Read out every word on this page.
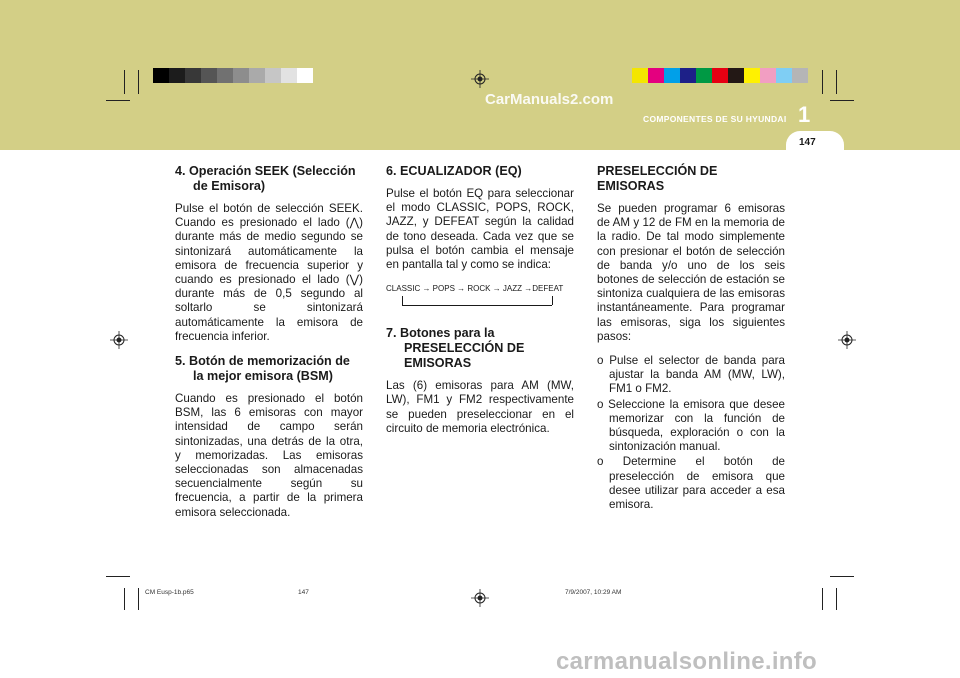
CarManuals2.com
COMPONENTES DE SU HYUNDAI 1
147
4. Operación SEEK (Selección de Emisora)

Pulse el botón de selección SEEK. Cuando es presionado el lado (⋀) durante más de medio segundo se sintonizará automáticamente la emisora de frecuencia superior y cuando es presionado el lado (⋁) durante más de 0,5 segundo al soltarlo se sintonizará automáticamente la emisora de frecuencia inferior.

5. Botón de memorización de la mejor emisora (BSM)

Cuando es presionado el botón BSM, las 6 emisoras con mayor intensidad de campo serán sintonizadas, una detrás de la otra, y memorizadas. Las emisoras seleccionadas son almacenadas secuencialmente según su frecuencia, a partir de la primera emisora seleccionada.

6. ECUALIZADOR (EQ)

Pulse el botón EQ para seleccionar el modo CLASSIC, POPS, ROCK, JAZZ, y DEFEAT según la calidad de tono deseada. Cada vez que se pulsa el botón cambia el mensaje en pantalla tal y como se indica:

CLASSIC → POPS → ROCK → JAZZ →DEFEAT
7. Botones para la PRESELECCIÓN DE EMISORAS

Las (6) emisoras para AM (MW, LW), FM1 y FM2 respectivamente se pueden preseleccionar en el circuito de memoria electrónica.

PRESELECCIÓN DE EMISORAS

Se pueden programar 6 emisoras de AM y 12 de FM en la memoria de la radio. De tal modo simplemente con presionar el botón de selección de banda y/o uno de los seis botones de selección de estación se sintoniza cualquiera de las emisoras instantáneamente. Para programar las emisoras, siga los siguientes pasos:

o Pulse el selector de banda para ajustar la banda AM (MW, LW), FM1 o FM2.
o Seleccione la emisora que desee memorizar con la función de búsqueda, exploración o con la sintonización manual.
o Determine el botón de preselección de emisora que desee utilizar para acceder a esa emisora.
CM Eusp-1b.p65	147	7/9/2007, 10:29 AM
carmanualsonline.info
